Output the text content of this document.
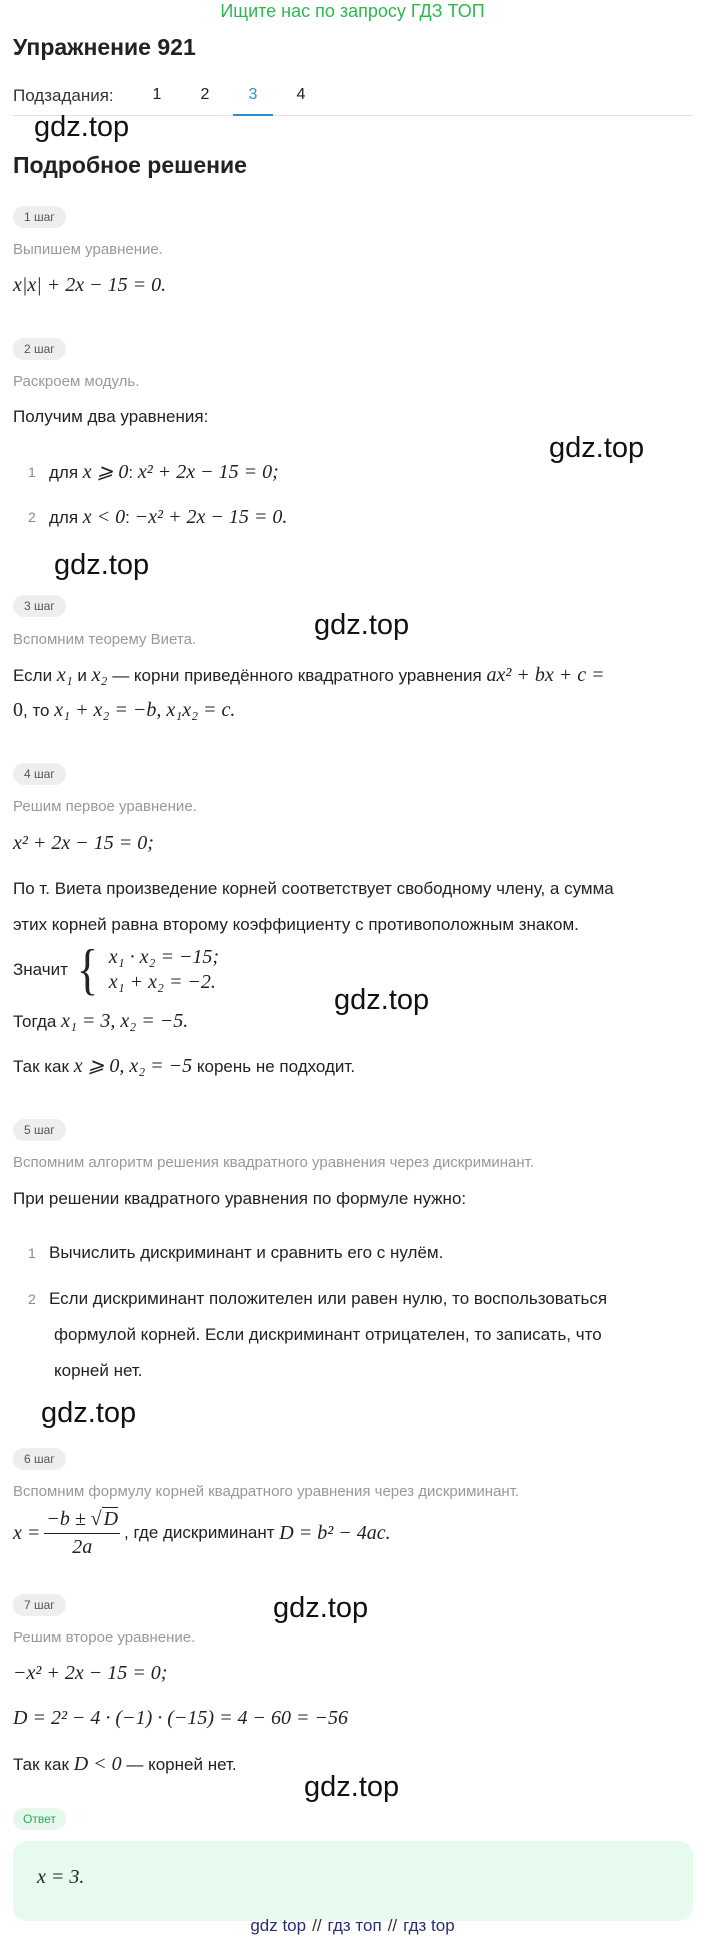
Ищите нас по запросу ГДЗ ТОП
Упражнение 921
Подзадания:	1	2	3	4
gdz.top
Подробное решение
1 шаг
Выпишем уравнение.
x|x| + 2x − 15 = 0.
2 шаг
Раскроем модуль.
Получим два уравнения:
1 для x ⩾ 0: x² + 2x − 15 = 0;
2 для x < 0: −x² + 2x − 15 = 0.
gdz.top
gdz.top
3 шаг
gdz.top
Вспомним теорему Виета.
Если x₁ и x₂ — корни приведённого квадратного уравнения ax² + bx + c =
0, то x₁ + x₂ = −b, x₁x₂ = c.
4 шаг
Решим первое уравнение.
x² + 2x − 15 = 0;
По т. Виета произведение корней соответствует свободному члену, а сумма
этих корней равна второму коэффициенту с противоположным знаком.
Значит { x₁ · x₂ = −15;
x₁ + x₂ = −2.
gdz.top
Тогда x₁ = 3, x₂ = −5.
Так как x ⩾ 0, x₂ = −5 корень не подходит.
5 шаг
Вспомним алгоритм решения квадратного уравнения через дискриминант.
При решении квадратного уравнения по формуле нужно:
1 Вычислить дискриминант и сравнить его с нулём.
2 Если дискриминант положителен или равен нулю, то воспользоваться
формулой корней. Если дискриминант отрицателен, то записать, что
корней нет.
gdz.top
6 шаг
Вспомним формулу корней квадратного уравнения через дискриминант.
$x = \frac{-b \pm √ D}{2a}$ , где дискриминант
D = b² − 4ac.
7 шаг	gdz.top
Решим второе уравнение.
−x² + 2x − 15 = 0;
D = 2² − 4 · (−1) · (−15) = 4 − 60 = −56
Так как D < 0 — корней нет.
gdz.top
Ответ
x = 3.
gdz top // гдз топ // гдз top
